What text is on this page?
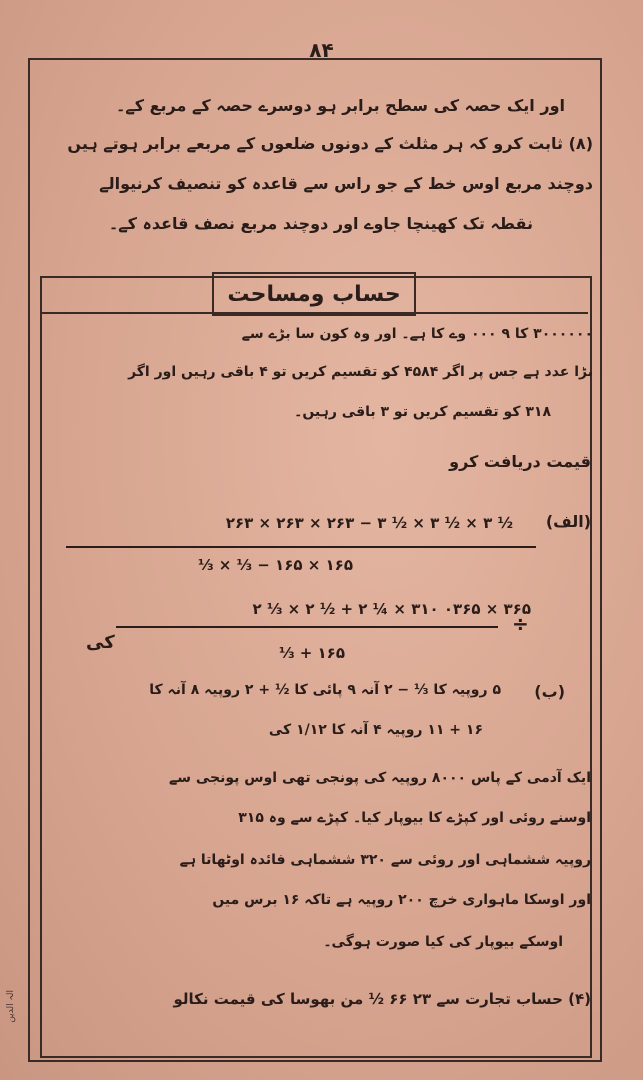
۸۴
اور ایک حصہ کی سطح برابر ہو دوسرے حصہ کے مربع کے۔
(۸) ثابت کرو کہ ہر مثلث کے دونوں ضلعوں کے مربعے برابر ہوتے ہیں
دوچند مربع اوس خط کے جو راس سے قاعدہ کو تنصیف کرنیوالے
نقطہ تک کھینچا جاوے اور دوچند مربع نصف قاعدہ کے۔
حساب ومساحت
۳۰۰۰۰۰۰ کا ۹ ۰۰۰ وے کا ہے۔ اور وہ کون سا بڑے سے
بڑا عدد ہے جس پر اگر ۴۵۸۴ کو تقسیم کریں تو ۴ باقی رہیں اور اگر
۳۱۸ کو تقسیم کریں تو ۳ باقی رہیں۔
قیمت دریافت کرو
(الف)
۲۶۳ × ۲۶۳ × ۲۶۳ − ۳ ½ × ۳ ½ × ۳ ½
⅓ × ⅓ − ۱۶۵ × ۱۶۵
۲ ⅓ × ۲ ½ + ۲ ¼ × ۳۱۰ ۰۳۶۵ × ۳۶۵
کی
÷
⅓ + ۱۶۵
(ب)
۵ روپیہ کا ⅓ − ۲ آنہ ۹ پائی کا ½ + ۲ روپیہ ۸ آنہ کا
۱۶ + ۱۱ روپیہ ۴ آنہ کا ۱/۱۲ کی
ایک آدمی کے پاس ۸۰۰۰ روپیہ کی پونجی تھی اوس پونجی سے
اوسنے روئی اور کپڑے کا بیوپار کیا۔ کپڑے سے وہ ۳۱۵
روپیہ ششماہی اور روئی سے ۳۲۰ ششماہی فائدہ اوٹھاتا ہے
اور اوسکا ماہواری خرچ ۲۰۰ روپیہ ہے تاکہ ۱۶ برس میں
اوسکے بیوپار کی کیا صورت ہوگی۔
(۴) حساب تجارت سے ۲۳ ۶۶ ½ من بھوسا کی قیمت نکالو
الہ الدین
